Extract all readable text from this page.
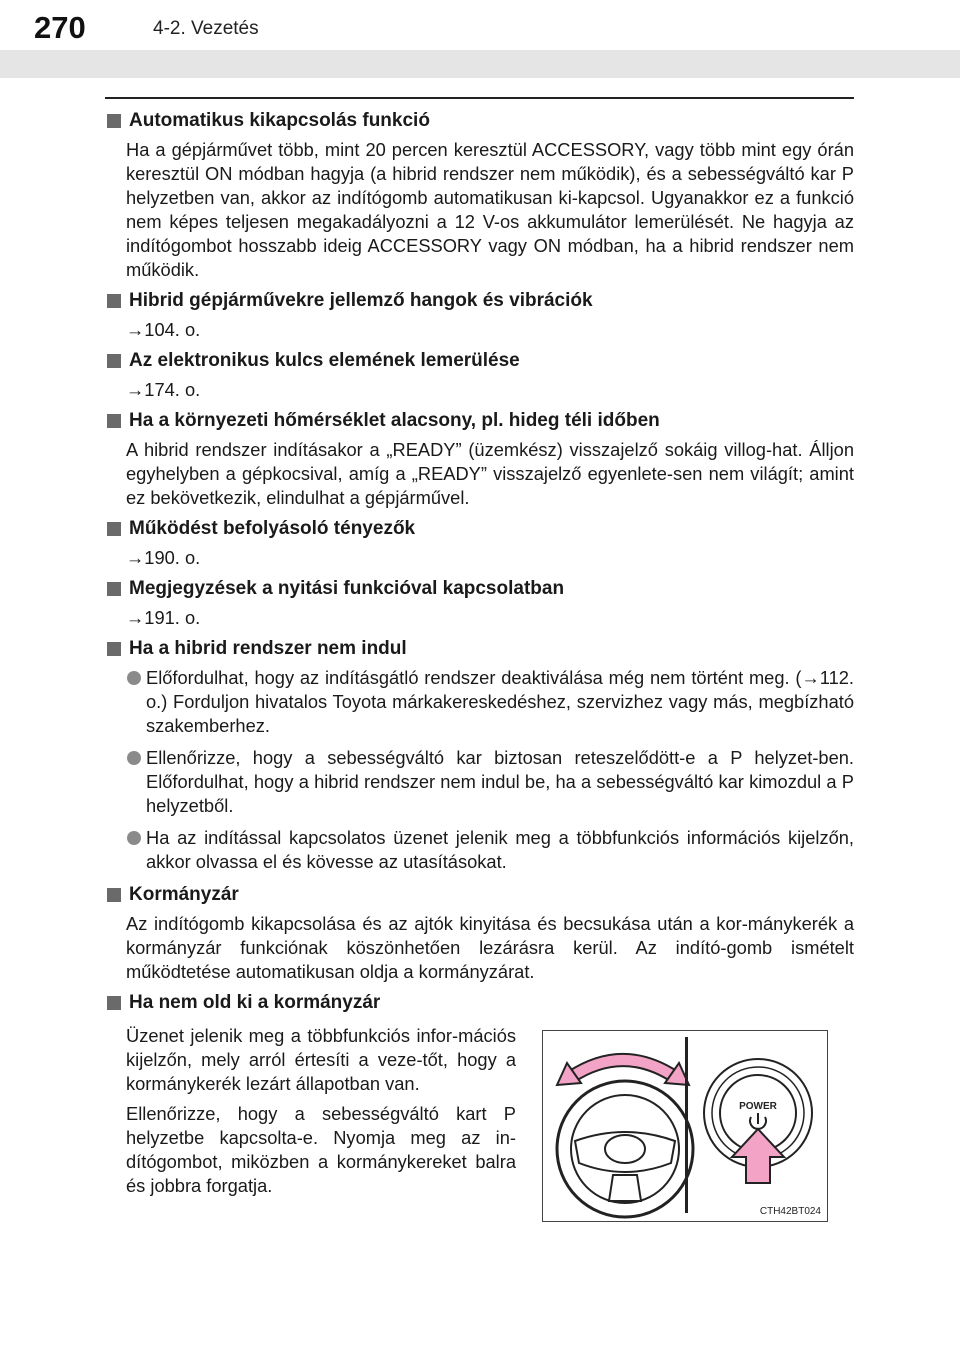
270	4-2. Vezetés
Automatikus kikapcsolás funkció
Ha a gépjárművet több, mint 20 percen keresztül ACCESSORY, vagy több mint egy órán keresztül ON módban hagyja (a hibrid rendszer nem működik), és a sebességváltó kar P helyzetben van, akkor az indítógomb automatikusan ki-kapcsol. Ugyanakkor ez a funkció nem képes teljesen megakadályozni a 12 V-os akkumulátor lemerülését. Ne hagyja az indítógombot hosszabb ideig ACCESSORY vagy ON módban, ha a hibrid rendszer nem működik.
Hibrid gépjárművekre jellemző hangok és vibrációk
→104. o.
Az elektronikus kulcs elemének lemerülése
→174. o.
Ha a környezeti hőmérséklet alacsony, pl. hideg téli időben
A hibrid rendszer indításakor a „READY” (üzemkész) visszajelző sokáig villog-hat. Álljon egyhelyben a gépkocsival, amíg a „READY” visszajelző egyenlete-sen nem világít; amint ez bekövetkezik, elindulhat a gépjárművel.
Működést befolyásoló tényezők
→190. o.
Megjegyzések a nyitási funkcióval kapcsolatban
→191. o.
Ha a hibrid rendszer nem indul
Előfordulhat, hogy az indításgátló rendszer deaktiválása még nem történt meg. (→112. o.) Forduljon hivatalos Toyota márkakereskedéshez, szervizhez vagy más, megbízható szakemberhez.
Ellenőrizze, hogy a sebességváltó kar biztosan reteszelődött-e a P helyzet-ben. Előfordulhat, hogy a hibrid rendszer nem indul be, ha a sebességváltó kar kimozdul a P helyzetből.
Ha az indítással kapcsolatos üzenet jelenik meg a többfunkciós információs kijelzőn, akkor olvassa el és kövesse az utasításokat.
Kormányzár
Az indítógomb kikapcsolása és az ajtók kinyitása és becsukása után a kor-mánykerék a kormányzár funkciónak köszönhetően lezárásra kerül. Az indító-gomb ismételt működtetése automatikusan oldja a kormányzárat.
Ha nem old ki a kormányzár

Üzenet jelenik meg a többfunkciós infor-mációs kijelzőn, mely arról értesíti a veze-tőt, hogy a kormánykerék lezárt állapotban van.

Ellenőrizze, hogy a sebességváltó kart P helyzetbe kapcsolta-e. Nyomja meg az in-dítógombot, miközben a kormánykereket balra és jobbra forgatja.

POWER
CTH42BT024
